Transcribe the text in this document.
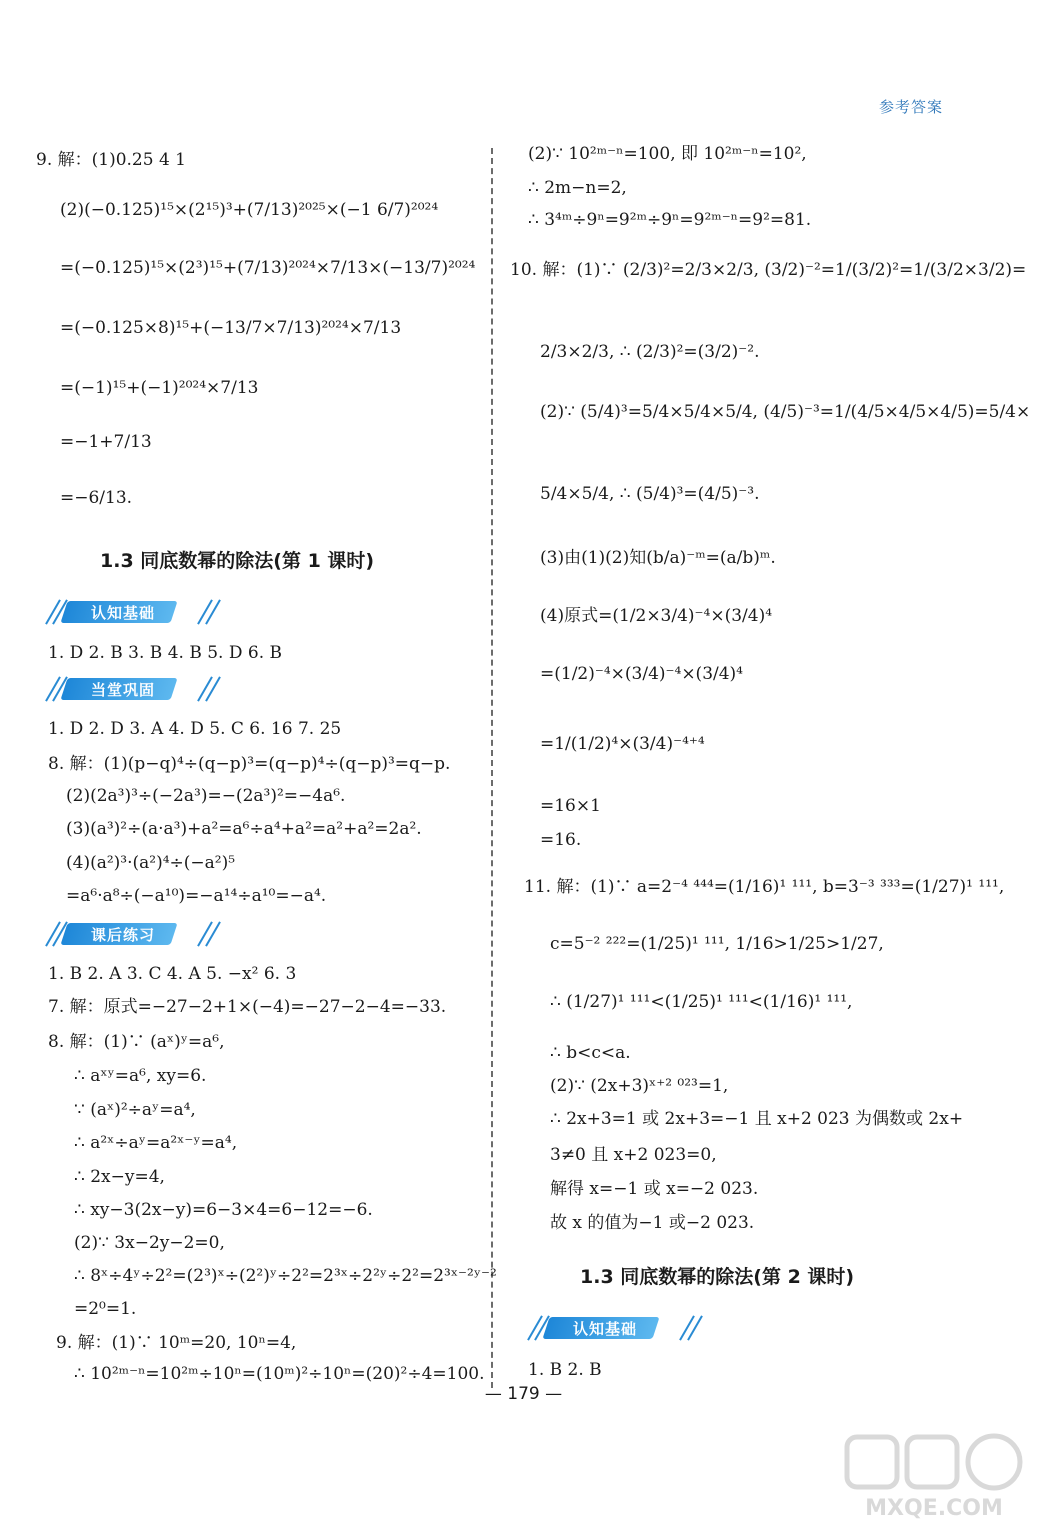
参考答案
9. 解：(1)0.25 4 1
(2)(−0.125)¹⁵×(2¹⁵)³+(7/13)²⁰²⁵×(−1 6/7)²⁰²⁴
=(−0.125)¹⁵×(2³)¹⁵+(7/13)²⁰²⁴×7/13×(−13/7)²⁰²⁴
=(−0.125×8)¹⁵+(−13/7×7/13)²⁰²⁴×7/13
=(−1)¹⁵+(−1)²⁰²⁴×7/13
=−1+7/13
=−6/13.
1.3 同底数幂的除法(第 1 课时)
认知基础
1. D 2. B 3. B 4. B 5. D 6. B
当堂巩固
1. D 2. D 3. A 4. D 5. C 6. 16 7. 25
8. 解：(1)(p−q)⁴÷(q−p)³=(q−p)⁴÷(q−p)³=q−p.
(2)(2a³)³÷(−2a³)=−(2a³)²=−4a⁶.
(3)(a³)²÷(a·a³)+a²=a⁶÷a⁴+a²=a²+a²=2a².
(4)(a²)³·(a²)⁴÷(−a²)⁵
=a⁶·a⁸÷(−a¹⁰)=−a¹⁴÷a¹⁰=−a⁴.
课后练习
1. B 2. A 3. C 4. A 5. −x² 6. 3
7. 解：原式=−27−2+1×(−4)=−27−2−4=−33.
8. 解：(1)∵ (aˣ)ʸ=a⁶,
∴ aˣʸ=a⁶, xy=6.
∵ (aˣ)²÷aʸ=a⁴,
∴ a²ˣ÷aʸ=a²ˣ⁻ʸ=a⁴,
∴ 2x−y=4,
∴ xy−3(2x−y)=6−3×4=6−12=−6.
(2)∵ 3x−2y−2=0,
∴ 8ˣ÷4ʸ÷2²=(2³)ˣ÷(2²)ʸ÷2²=2³ˣ÷2²ʸ÷2²=2³ˣ⁻²ʸ⁻²
=2⁰=1.
9. 解：(1)∵ 10ᵐ=20, 10ⁿ=4,
∴ 10²ᵐ⁻ⁿ=10²ᵐ÷10ⁿ=(10ᵐ)²÷10ⁿ=(20)²÷4=100.
(2)∵ 10²ᵐ⁻ⁿ=100, 即 10²ᵐ⁻ⁿ=10²,
∴ 2m−n=2,
∴ 3⁴ᵐ÷9ⁿ=9²ᵐ÷9ⁿ=9²ᵐ⁻ⁿ=9²=81.
10. 解：(1)∵ (2/3)²=2/3×2/3, (3/2)⁻²=1/(3/2)²=1/(3/2×3/2)=
2/3×2/3, ∴ (2/3)²=(3/2)⁻².
(2)∵ (5/4)³=5/4×5/4×5/4, (4/5)⁻³=1/(4/5×4/5×4/5)=5/4×
5/4×5/4, ∴ (5/4)³=(4/5)⁻³.
(3)由(1)(2)知(b/a)⁻ᵐ=(a/b)ᵐ.
(4)原式=(1/2×3/4)⁻⁴×(3/4)⁴
=(1/2)⁻⁴×(3/4)⁻⁴×(3/4)⁴
=1/(1/2)⁴×(3/4)⁻⁴⁺⁴
=16×1
=16.
11. 解：(1)∵ a=2⁻⁴ ⁴⁴⁴=(1/16)¹ ¹¹¹, b=3⁻³ ³³³=(1/27)¹ ¹¹¹,
c=5⁻² ²²²=(1/25)¹ ¹¹¹, 1/16>1/25>1/27,
∴ (1/27)¹ ¹¹¹<(1/25)¹ ¹¹¹<(1/16)¹ ¹¹¹,
∴ b<c<a.
(2)∵ (2x+3)ˣ⁺² ⁰²³=1,
∴ 2x+3=1 或 2x+3=−1 且 x+2 023 为偶数或 2x+
3≠0 且 x+2 023=0,
解得 x=−1 或 x=−2 023.
故 x 的值为−1 或−2 023.
1.3 同底数幂的除法(第 2 课时)
认知基础
1. B 2. B
— 179 —
MXQE.COM
